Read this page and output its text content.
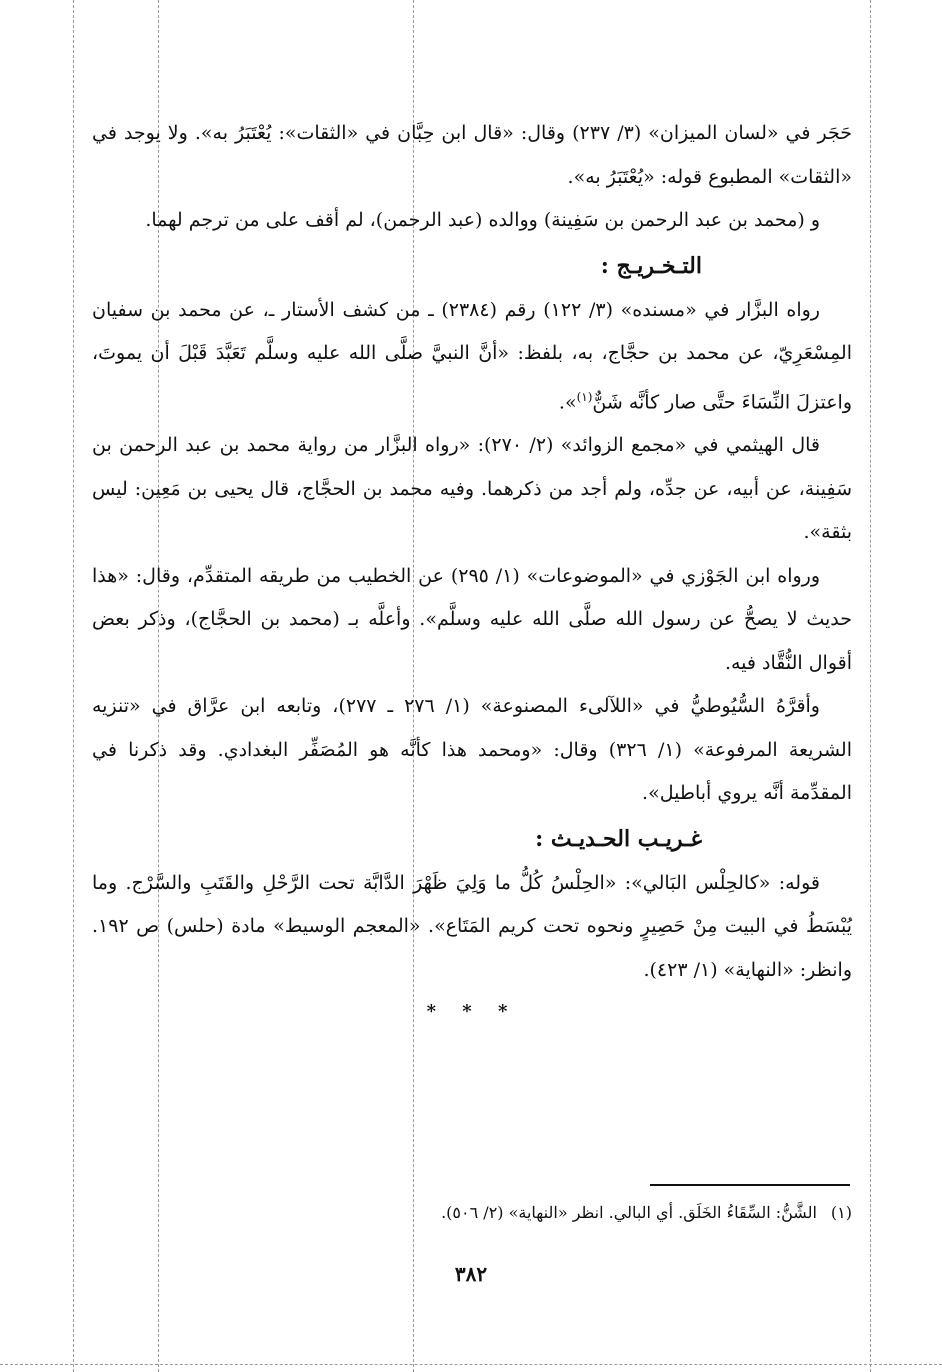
حَجَر في «لسان الميزان» (٣/ ٢٣٧) وقال: «قال ابن حِبَّان في «الثقات»: يُعْتَبَرُ به». ولا يوجد في «الثقات» المطبوع قوله: «يُعْتَبَرُ به».

و (محمد بن عبد الرحمن بن سَفِينة) ووالده (عبد الرحمن)، لم أقف على من ترجم لهما.

التـخـريـج :

رواه البزَّار في «مسنده» (٣/ ١٢٢) رقم (٢٣٨٤) ـ من كشف الأستار ـ، عن محمد بن سفيان المِسْعَرِيّ، عن محمد بن حجَّاج، به، بلفظ: «أنَّ النبيَّ صلَّى الله عليه وسلَّم تَعَبَّدَ قَبْلَ أن يموتَ، واعتزلَ النِّسَاءَ حتَّى صار كأنَّه شَنٌّ$^{(١)}$».

قال الهيثمي في «مجمع الزوائد» (٢/ ٢٧٠): «رواه البزَّار من رواية محمد بن عبد الرحمن بن سَفِينة، عن أبيه، عن جدِّه، ولم أجد من ذكرهما. وفيه محمد بن الحجَّاج، قال يحيى بن مَعِين: ليس بثقة».

ورواه ابن الجَوْزي في «الموضوعات» (١/ ٢٩٥) عن الخطيب من طريقه المتقدِّم، وقال: «هذا حديث لا يصحُّ عن رسول الله صلَّى الله عليه وسلَّم». وأعلَّه بـ (محمد بن الحجَّاج)، وذكر بعض أقوال النُّقَّاد فيه.

وأقرَّهُ السُّيُوطيُّ في «اللآلىء المصنوعة» (١/ ٢٧٦ ـ ٢٧٧)، وتابعه ابن عرَّاق في «تنزيه الشريعة المرفوعة» (١/ ٣٢٦) وقال: «ومحمد هذا كأنَّه هو المُصَفِّر البغدادي. وقد ذكرنا في المقدِّمة أنَّه يروي أباطيل».

غـريـب الحـديـث :

قوله: «كالحِلْس البَالي»: «الحِلْسُ كُلُّ ما وَلِيَ ظَهْرَ الدَّابَّة تحت الرَّحْلِ والقَتَبِ والسَّرْج. وما يُبْسَطُ في البيت مِنْ حَصِيرٍ ونحوه تحت كريم المَتَاع». «المعجم الوسيط» مادة (حلس) ص ١٩٢. وانظر: «النهاية» (١/ ٤٢٣).

* * *

(١)الشَّنُّ: السِّقَاءُ الخَلَق. أي البالي. انظر «النهاية» (٢/ ٥٠٦).
٣٨٢
